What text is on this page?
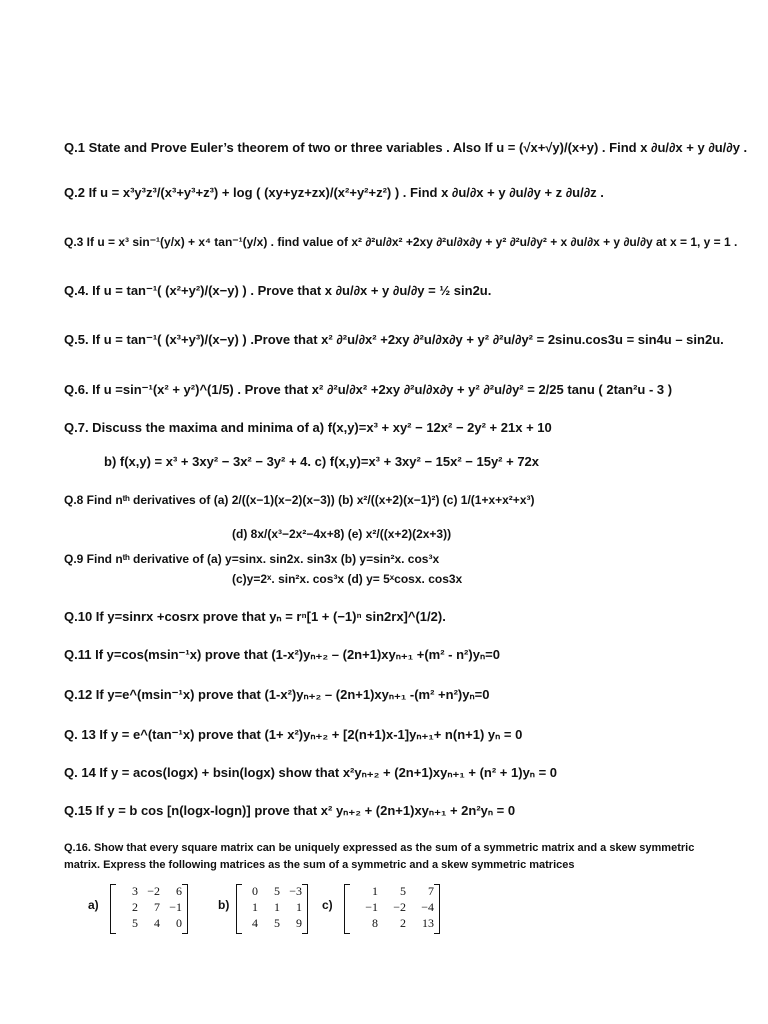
Q.1 State and Prove Euler’s theorem of two or three variables . Also If u = (√x+√y)/(x+y) . Find x ∂u/∂x + y ∂u/∂y .
Q.2 If u = x³y³z³/(x³+y³+z³) + log ( (xy+yz+zx)/(x²+y²+z²) ) . Find x ∂u/∂x + y ∂u/∂y + z ∂u/∂z .
Q.3 If u = x³ sin⁻¹(y/x) + x⁴ tan⁻¹(y/x) . find value of x² ∂²u/∂x² +2xy ∂²u/∂x∂y + y² ∂²u/∂y² + x ∂u/∂x + y ∂u/∂y at x = 1, y = 1 .
Q.4. If u = tan⁻¹( (x²+y²)/(x−y) ) . Prove that x ∂u/∂x + y ∂u/∂y = ½ sin2u.
Q.5. If u = tan⁻¹( (x³+y³)/(x−y) ) .Prove that x² ∂²u/∂x² +2xy ∂²u/∂x∂y + y² ∂²u/∂y² = 2sinu.cos3u = sin4u – sin2u.
Q.6. If u =sin⁻¹(x² + y²)^(1/5) . Prove that x² ∂²u/∂x² +2xy ∂²u/∂x∂y + y² ∂²u/∂y² = 2/25 tanu ( 2tan²u - 3 )
Q.7. Discuss the maxima and minima of a) f(x,y)=x³ + xy² − 12x² − 2y² + 21x + 10
b) f(x,y) = x³ + 3xy² − 3x² − 3y² + 4. c) f(x,y)=x³ + 3xy² − 15x² − 15y² + 72x
Q.8 Find nᵗʰ derivatives of (a) 2/((x−1)(x−2)(x−3)) (b) x²/((x+2)(x−1)²) (c) 1/(1+x+x²+x³)
(d) 8x/(x³−2x²−4x+8) (e) x²/((x+2)(2x+3))
Q.9 Find nᵗʰ derivative of (a) y=sinx. sin2x. sin3x (b) y=sin²x. cos³x
(c)y=2ˣ. sin²x. cos³x (d) y= 5ˣcosx. cos3x
Q.10 If y=sinrx +cosrx prove that yₙ = rⁿ[1 + (−1)ⁿ sin2rx]^(1/2).
Q.11 If y=cos(msin⁻¹x) prove that (1-x²)yₙ₊₂ – (2n+1)xyₙ₊₁ +(m² - n²)yₙ=0
Q.12 If y=e^(msin⁻¹x) prove that (1-x²)yₙ₊₂ – (2n+1)xyₙ₊₁ -(m² +n²)yₙ=0
Q. 13 If y = e^(tan⁻¹x) prove that (1+ x²)yₙ₊₂ + [2(n+1)x-1]yₙ₊₁+ n(n+1) yₙ = 0
Q. 14 If y = acos(logx) + bsin(logx) show that x²yₙ₊₂ + (2n+1)xyₙ₊₁ + (n² + 1)yₙ = 0
Q.15 If y = b cos [n(logx-logn)] prove that x² yₙ₊₂ + (2n+1)xyₙ₊₁ + 2n²yₙ = 0
Q.16. Show that every square matrix can be uniquely expressed as the sum of a symmetric matrix and a skew symmetric matrix. Express the following matrices as the sum of a symmetric and a skew symmetric matrices
a)
3 −2	6
2	7 −1
5	4	0
b)
0	5 −3
1	1	1
4	5	9
c)
1	5	7
−1	−2	−4
8	2	13
